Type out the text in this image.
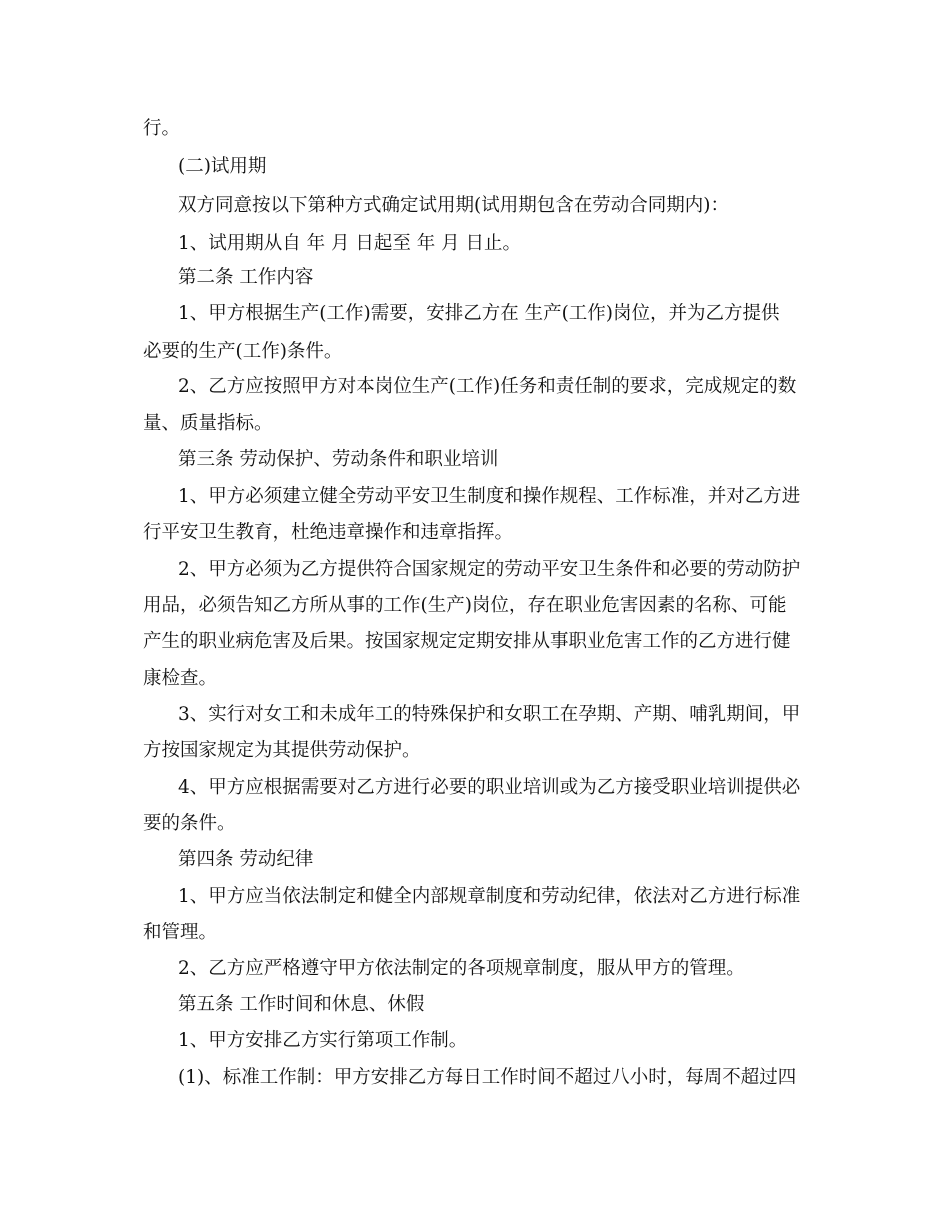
行。
(二)试用期
双方同意按以下第种方式确定试用期(试用期包含在劳动合同期内)：
1、试用期从自 年 月 日起至 年 月 日止。
第二条 工作内容
1、甲方根据生产(工作)需要，安排乙方在 生产(工作)岗位，并为乙方提供
必要的生产(工作)条件。
2、乙方应按照甲方对本岗位生产(工作)任务和责任制的要求，完成规定的数
量、质量指标。
第三条 劳动保护、劳动条件和职业培训
1、甲方必须建立健全劳动平安卫生制度和操作规程、工作标准，并对乙方进
行平安卫生教育，杜绝违章操作和违章指挥。
2、甲方必须为乙方提供符合国家规定的劳动平安卫生条件和必要的劳动防护
用品，必须告知乙方所从事的工作(生产)岗位，存在职业危害因素的名称、可能
产生的职业病危害及后果。按国家规定定期安排从事职业危害工作的乙方进行健
康检查。
3、实行对女工和未成年工的特殊保护和女职工在孕期、产期、哺乳期间，甲
方按国家规定为其提供劳动保护。
4、甲方应根据需要对乙方进行必要的职业培训或为乙方接受职业培训提供必
要的条件。
第四条 劳动纪律
1、甲方应当依法制定和健全内部规章制度和劳动纪律，依法对乙方进行标准
和管理。
2、乙方应严格遵守甲方依法制定的各项规章制度，服从甲方的管理。
第五条 工作时间和休息、休假
1、甲方安排乙方实行第项工作制。
(1)、标准工作制：甲方安排乙方每日工作时间不超过八小时，每周不超过四
